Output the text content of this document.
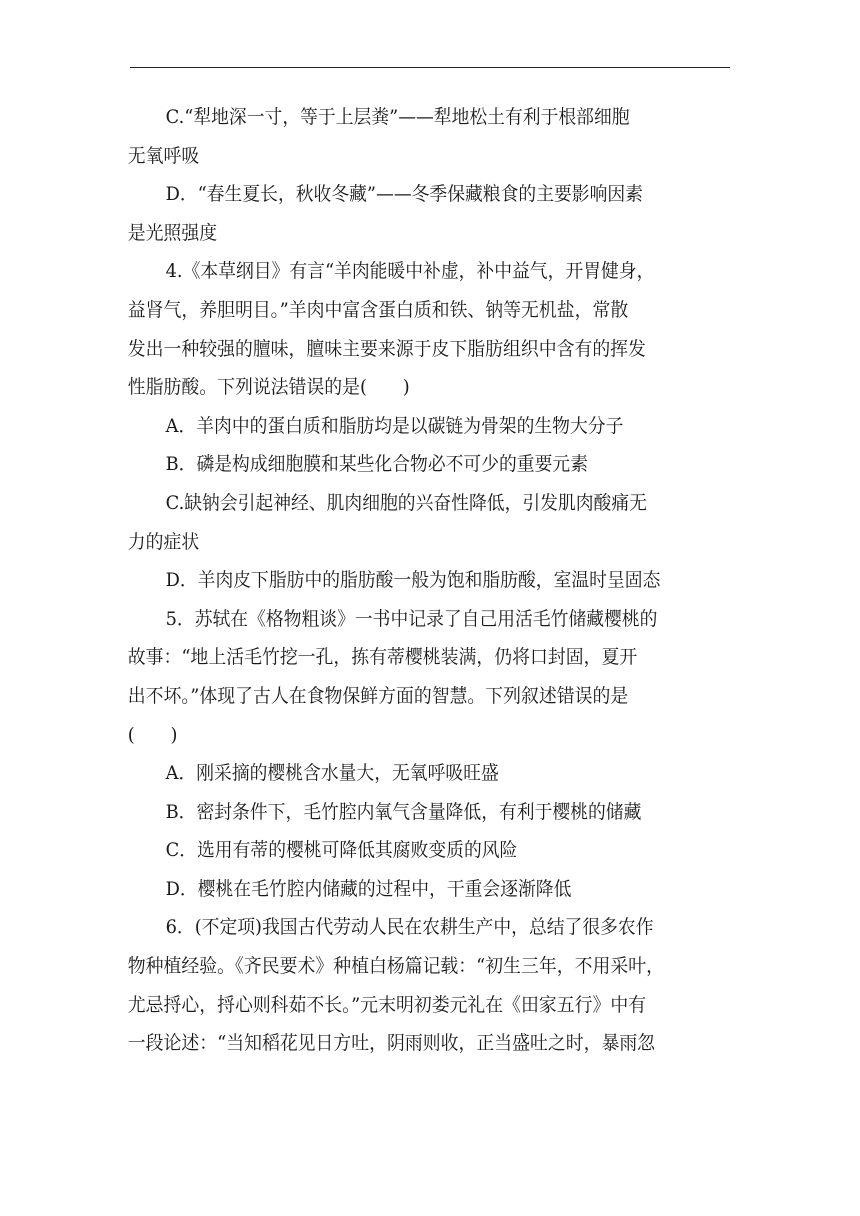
C.“犁地深一寸，等于上层粪”——犁地松土有利于根部细胞
无氧呼吸

D．“春生夏长，秋收冬藏”——冬季保藏粮食的主要影响因素
是光照强度

4.《本草纲目》有言“羊肉能暖中补虚，补中益气，开胃健身，
益肾气，养胆明目。”羊肉中富含蛋白质和铁、钠等无机盐，常散
发出一种较强的膻味，膻味主要来源于皮下脂肪组织中含有的挥发
性脂肪酸。下列说法错误的是(　　)

A．羊肉中的蛋白质和脂肪均是以碳链为骨架的生物大分子

B．磷是构成细胞膜和某些化合物必不可少的重要元素

C.缺钠会引起神经、肌肉细胞的兴奋性降低，引发肌肉酸痛无
力的症状

D．羊肉皮下脂肪中的脂肪酸一般为饱和脂肪酸，室温时呈固态

5．苏轼在《格物粗谈》一书中记录了自己用活毛竹储藏樱桃的
故事：“地上活毛竹挖一孔，拣有蒂樱桃装满，仍将口封固，夏开
出不坏。”体现了古人在食物保鲜方面的智慧。下列叙述错误的是
(　　)

A．刚采摘的樱桃含水量大，无氧呼吸旺盛

B．密封条件下，毛竹腔内氧气含量降低，有利于樱桃的储藏

C．选用有蒂的樱桃可降低其腐败变质的风险

D．樱桃在毛竹腔内储藏的过程中，干重会逐渐降低

6．(不定项)我国古代劳动人民在农耕生产中，总结了很多农作
物种植经验。《齐民要术》种植白杨篇记载：“初生三年，不用采叶，
尤忌捋心，捋心则科茹不长。”元末明初娄元礼在《田家五行》中有
一段论述：“当知稻花见日方吐，阴雨则收，正当盛吐之时，暴雨忽
